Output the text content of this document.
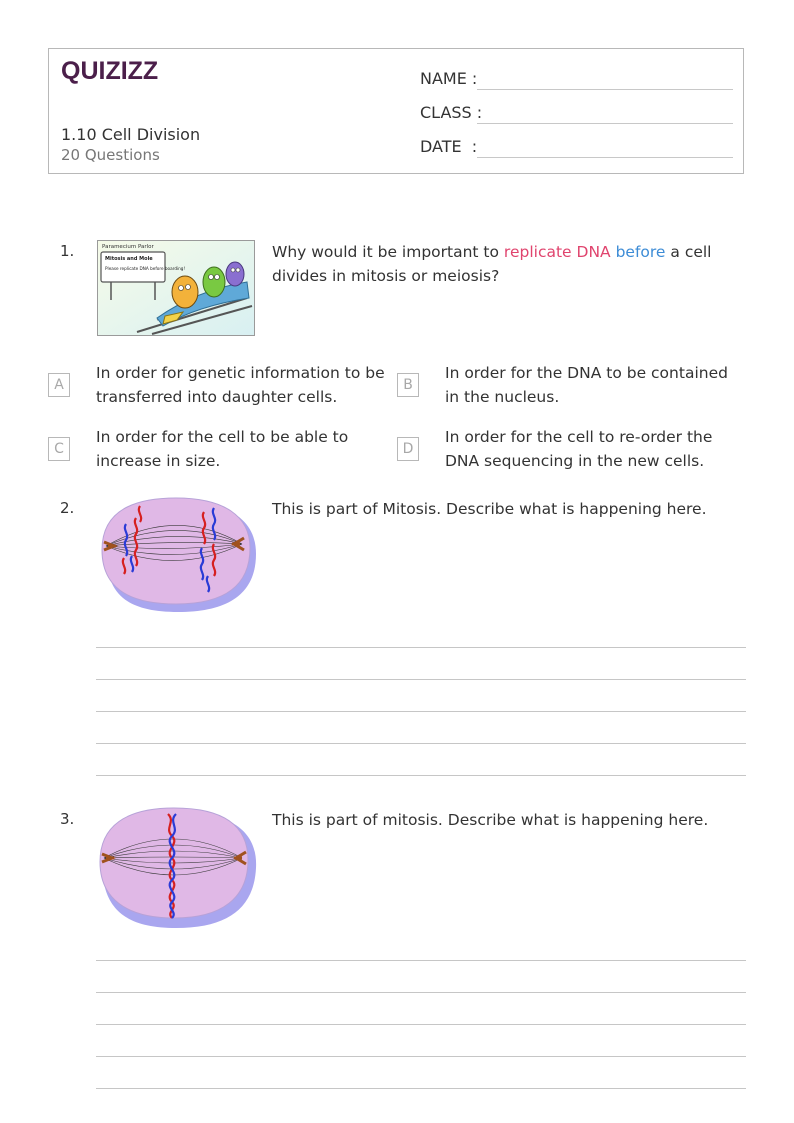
QUIZIZZ
1.10 Cell Division
20 Questions
NAME :
CLASS :
DATE  :
1.	Paramecium Parlor
Mitosis and Mole
Please replicate DNA before boarding!
Why would it be important to replicate DNA before a cell divides in mitosis or meiosis?
A
In order for genetic information to be transferred into daughter cells.
B
In order for the DNA to be contained in the nucleus.
C
In order for the cell to be able to increase in size.
D
In order for the cell to re-order the DNA sequencing in the new cells.
2.	This is part of Mitosis. Describe what is happening here.
3.	This is part of mitosis. Describe what is happening here.
